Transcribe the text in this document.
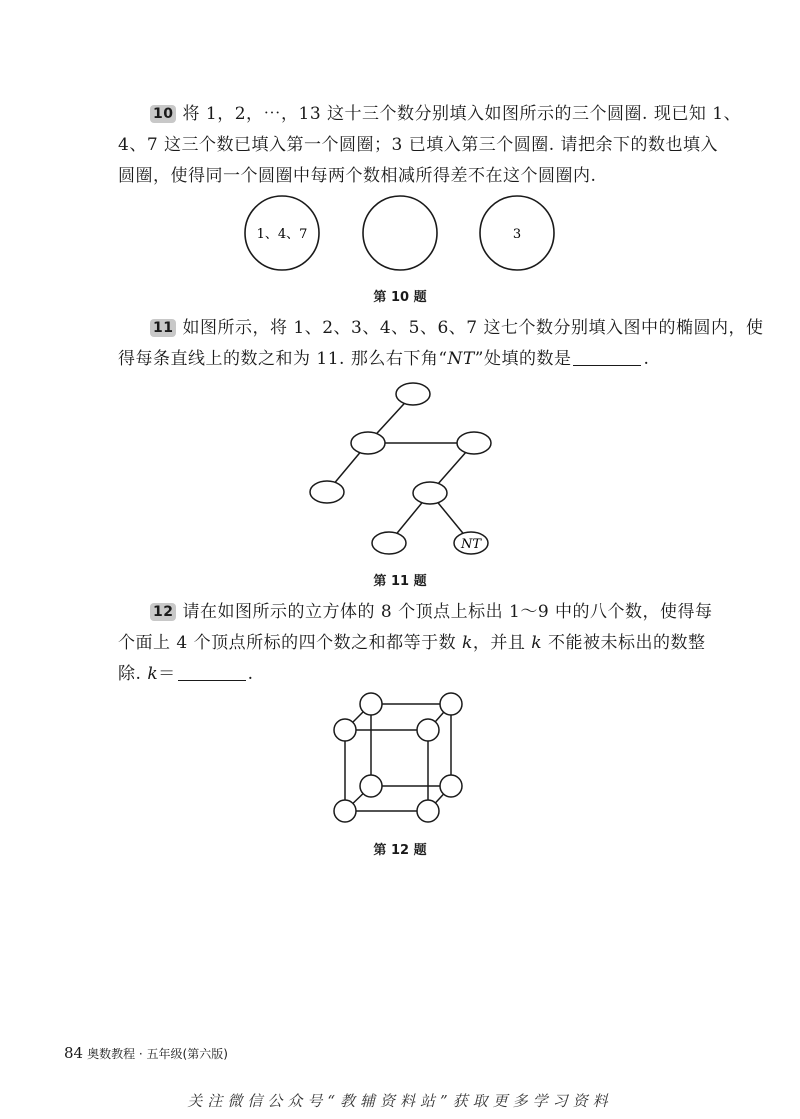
10 将 1，2，⋯，13 这十三个数分别填入如图所示的三个圆圈. 现已知 1、
4、7 这三个数已填入第一个圆圈；3 已填入第三个圆圈. 请把余下的数也填入
圆圈，使得同一个圆圈中每两个数相减所得差不在这个圆圈内.
1、4、7	3
第 10 题
11 如图所示，将 1、2、3、4、5、6、7 这七个数分别填入图中的椭圆内，使
得每条直线上的数之和为 11. 那么右下角“NT”处填的数是	.
NT
第 11 题
12 请在如图所示的立方体的 8 个顶点上标出 1～9 中的八个数，使得每
个面上 4 个顶点所标的四个数之和都等于数 k，并且 k 不能被未标出的数整
除. k＝	.
第 12 题
84 奥数教程 · 五年级(第六版)
关注微信公众号“教辅资料站”获取更多学习资料
